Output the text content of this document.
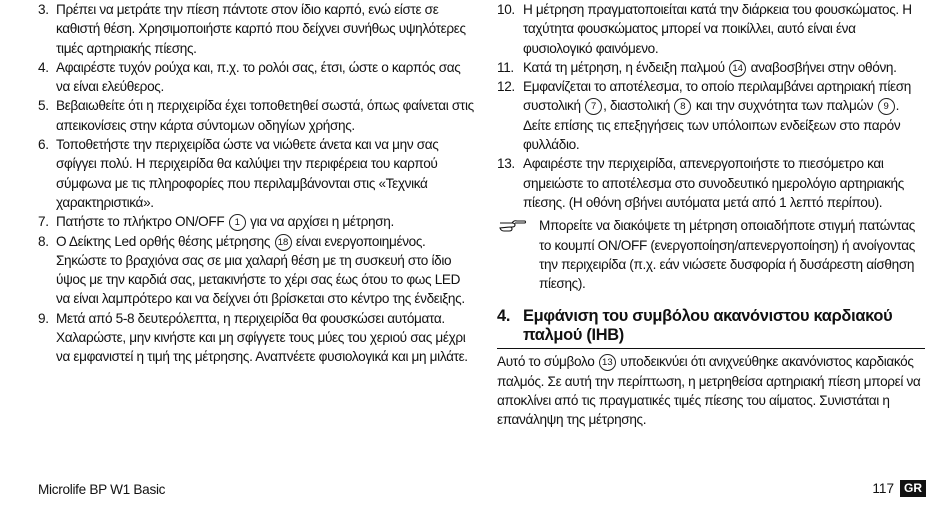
3. Πρέπει να μετράτε την πίεση πάντοτε στον ίδιο καρπό, ενώ είστε σε καθιστή θέση. Χρησιμοποιήστε καρπό που δείχνει συνήθως υψηλότερες τιμές αρτηριακής πίεσης.
4. Αφαιρέστε τυχόν ρούχα και, π.χ. το ρολόι σας, έτσι, ώστε ο καρπός σας να είναι ελεύθερος.
5. Βεβαιωθείτε ότι η περιχειρίδα έχει τοποθετηθεί σωστά, όπως φαίνεται στις απεικονίσεις στην κάρτα σύντομων οδηγίων χρήσης.
6. Τοποθετήστε την περιχειρίδα ώστε να νιώθετε άνετα και να μην σας σφίγγει πολύ. Η περιχειρίδα θα καλύψει την περιφέρεια του καρπού σύμφωνα με τις πληροφορίες που περιλαμβάνονται στις «Τεχνικά χαρακτηριστικά».
7. Πατήστε το πλήκτρο ON/OFF 1 για να αρχίσει η μέτρηση.
8. Ο Δείκτης Led ορθής θέσης μέτρησης 18 είναι ενεργοποιημένος. Σηκώστε το βραχιόνα σας σε μια χαλαρή θέση με τη συσκευή στο ίδιο ύψος με την καρδιά σας, μετακινήστε το χέρι σας έως ότου το φως LED να είναι λαμπρότερο και να δείχνει ότι βρίσκεται στο κέντρο της ένδειξης.
9. Μετά από 5-8 δευτερόλεπτα, η περιχειρίδα θα φουσκώσει αυτόματα. Χαλαρώστε, μην κινήστε και μη σφίγγετε τους μύες του χεριού σας μέχρι να εμφανιστεί η τιμή της μέτρησης. Αναπνέετε φυσιολογικά και μη μιλάτε.
10. Η μέτρηση πραγματοποιείται κατά την διάρκεια του φουσκώματος. Η ταχύτητα φουσκώματος μπορεί να ποικίλλει, αυτό είναι ένα φυσιολογικό φαινόμενο.
11. Κατά τη μέτρηση, η ένδειξη παλμού 14 αναβοσβήνει στην οθόνη.
12. Εμφανίζεται το αποτέλεσμα, το οποίο περιλαμβάνει αρτηριακή πίεση συστολική 7 , διαστολική 8 και την συχνότητα των παλμών 9 . Δείτε επίσης τις επεξηγήσεις των υπόλοιπων ενδείξεων στο παρόν φυλλάδιο.
13. Αφαιρέστε την περιχειρίδα, απενεργοποιήστε το πιεσόμετρο και σημειώστε το αποτέλεσμα στο συνοδευτικό ημερολόγιο αρτηριακής πίεσης. (Η οθόνη σβήνει αυτόματα μετά από 1 λεπτό περίπου).
Μπορείτε να διακόψετε τη μέτρηση οποιαδήποτε στιγμή πατώντας το κουμπί ON/OFF (ενεργοποίηση/απενεργοποίηση) ή ανοίγοντας την περιχειρίδα (π.χ. εάν νιώσετε δυσφορία ή δυσάρεστη αίσθηση πίεσης).
4. Εμφάνιση του συμβόλου ακανόνιστου καρδιακού παλμού (IHB)
Αυτό το σύμβολο 13 υποδεικνύει ότι ανιχνεύθηκε ακανόνιστος καρδιακός παλμός. Σε αυτή την περίπτωση, η μετρηθείσα αρτηριακή πίεση μπορεί να αποκλίνει από τις πραγματικές τιμές πίεσης του αίματος. Συνιστάται η επανάληψη της μέτρησης.
Microlife BP W1 Basic	117 GR
